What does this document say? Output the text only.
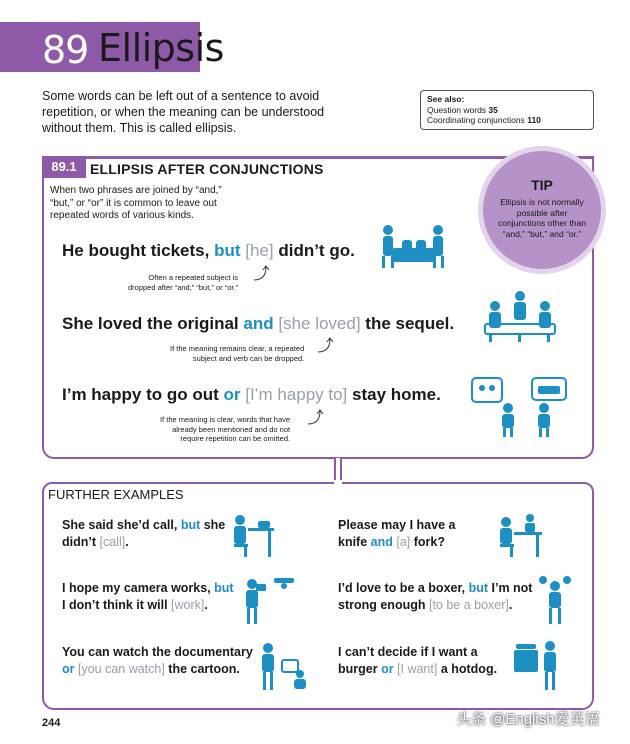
89 Ellipsis

Some words can be left out of a sentence to avoid repetition, or when the meaning can be understood without them. This is called ellipsis.

See also:
Question words 35
Coordinating conjunctions 110
89.1 ELLIPSIS AFTER CONJUNCTIONS

When two phrases are joined by “and,” “but,” or “or” it is common to leave out repeated words of various kinds.

TIP
Ellipsis is not normally possible after conjunctions other than “and,” “but,” and “or.”
He bought tickets, but [he] didn’t go.
Often a repeated subject is
dropped after “and,” “but,” or “or.”
She loved the original and [she loved] the sequel.
If the meaning remains clear, a repeated
subject and verb can be dropped.
I’m happy to go out or [I’m happy to] stay home.
If the meaning is clear, words that have
already been mentioned and do not
require repetition can be omitted.
FURTHER EXAMPLES
She said she’d call, but she
didn’t [call].
Please may I have a
knife and [a] fork?
I hope my camera works, but
I don’t think it will [work].
I’d love to be a boxer, but I’m not
strong enough [to be a boxer].
You can watch the documentary
or [you can watch] the cartoon.
I can’t decide if I want a
burger or [I want] a hotdog.
244	头条 @English爱英语
